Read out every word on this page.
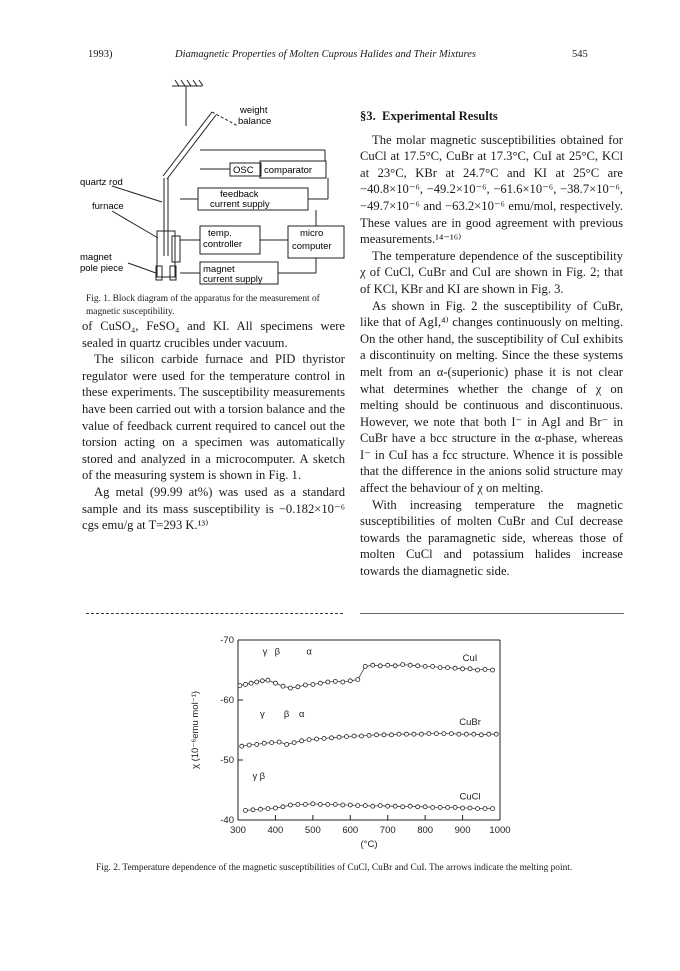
1993)	Diamagnetic Properties of Molten Cuprous Halides and Their Mixtures	545
weight
balance
OSC comparator
quartz rod
feedback
current supply
furnace
temp.
controller
micro
computer
magnet
pole piece	magnet
current supply
Fig. 1. Block diagram of the apparatus for the measurement of magnetic susceptibility.

of CuSO₄, FeSO₄ and KI. All specimens were sealed in quartz crucibles under vacuum.

The silicon carbide furnace and PID thyristor regulator were used for the temperature control in these experiments. The susceptibility measurements have been carried out with a torsion balance and the value of feedback current required to cancel out the torsion acting on a specimen was automatically stored and analyzed in a microcomputer. A sketch of the measuring system is shown in Fig. 1.

Ag metal (99.99 at%) was used as a standard sample and its mass susceptibility is −0.182×10⁻⁶ cgs emu/g at T=293 K.¹³⁾

§3. Experimental Results

The molar magnetic susceptibilities obtained for CuCl at 17.5°C, CuBr at 17.3°C, CuI at 25°C, KCl at 23°C, KBr at 24.7°C and KI at 25°C are −40.8×10⁻⁶, −49.2×10⁻⁶, −61.6×10⁻⁶, −38.7×10⁻⁶, −49.7×10⁻⁶ and −63.2×10⁻⁶ emu/mol, respectively. These values are in good agreement with previous measurements.¹⁴⁻¹⁶⁾

The temperature dependence of the susceptibility χ of CuCl, CuBr and CuI are shown in Fig. 2; that of KCl, KBr and KI are shown in Fig. 3.

As shown in Fig. 2 the susceptibility of CuBr, like that of AgI,⁴⁾ changes continuously on melting. On the other hand, the susceptibility of CuI exhibits a discontinuity on melting. Since the these systems melt from an α-(superionic) phase it is not clear what determines whether the change of χ on melting should be continuous and discontinuous. However, we note that both I⁻ in AgI and Br⁻ in CuBr have a bcc structure in the α-phase, whereas I⁻ in CuI has a fcc structure. Whence it is possible that the difference in the anions solid structure may affect the behaviour of χ on melting.

With increasing temperature the magnetic susceptibilities of molten CuBr and CuI decrease towards the paramagnetic side, whereas those of molten CuCl and potassium halides increase towards the diamagnetic side.

300 400 500 600 700 800 900 1000
-70
-60
-50
-40
(°C)
χ (10⁻⁶emu mol⁻¹)
CuI
CuBr
CuCl
γ β	α
γ β α
γ β
Fig. 2. Temperature dependence of the magnetic susceptibilities of CuCl, CuBr and CuI. The arrows indicate the melting point.
